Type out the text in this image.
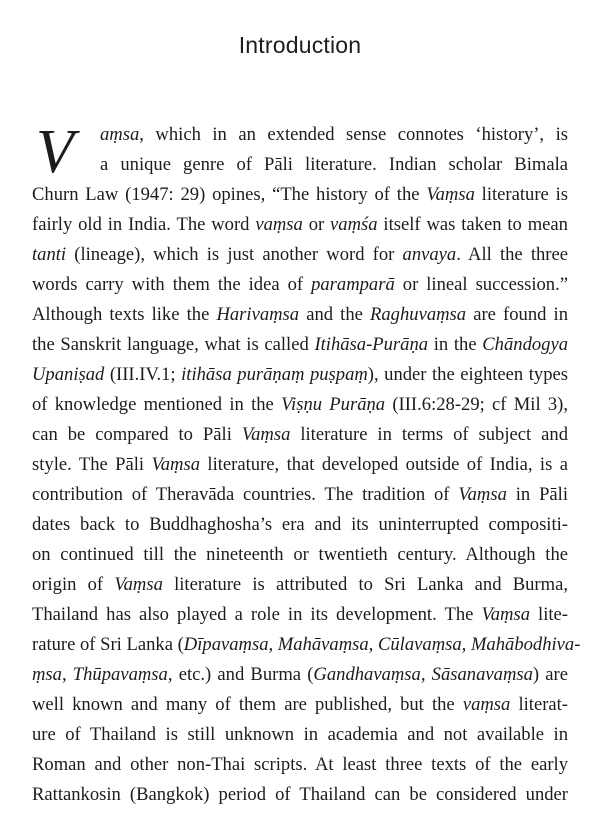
Introduction
V	aṃsa, which in an extended sense connotes ‘history’, is
a unique genre of Pāli literature. Indian scholar Bimala
Churn Law (1947: 29) opines, “The history of the Vaṃsa literature is
fairly old in India. The word vaṃsa or vaṃśa itself was taken to mean
tanti (lineage), which is just another word for anvaya. All the three
words carry with them the idea of paramparā or lineal succession.”
Although texts like the Harivaṃsa and the Raghuvaṃsa are found in
the Sanskrit language, what is called Itihāsa-Purāṇa in the Chāndogya
Upaniṣad (III.IV.1; itihāsa purāṇaṃ puṣpaṃ), under the eighteen types
of knowledge mentioned in the Viṣṇu Purāṇa (III.6:28-29; cf Mil 3),
can be compared to Pāli Vaṃsa literature in terms of subject and
style. The Pāli Vaṃsa literature, that developed outside of India, is a
contribution of Theravāda countries. The tradition of Vaṃsa in Pāli
dates back to Buddhaghosha’s era and its uninterrupted compositi-
on continued till the nineteenth or twentieth century. Although the
origin of Vaṃsa literature is attributed to Sri Lanka and Burma,
Thailand has also played a role in its development. The Vaṃsa lite-
rature of Sri Lanka (Dīpavaṃsa, Mahāvaṃsa, Cūlavaṃsa, Mahābodhiva-
ṃsa, Thūpavaṃsa, etc.) and Burma (Gandhavaṃsa, Sāsanavaṃsa) are
well known and many of them are published, but the vaṃsa literat-
ure of Thailand is still unknown in academia and not available in
Roman and other non-Thai scripts. At least three texts of the early
Rattankosin (Bangkok) period of Thailand can be considered under
